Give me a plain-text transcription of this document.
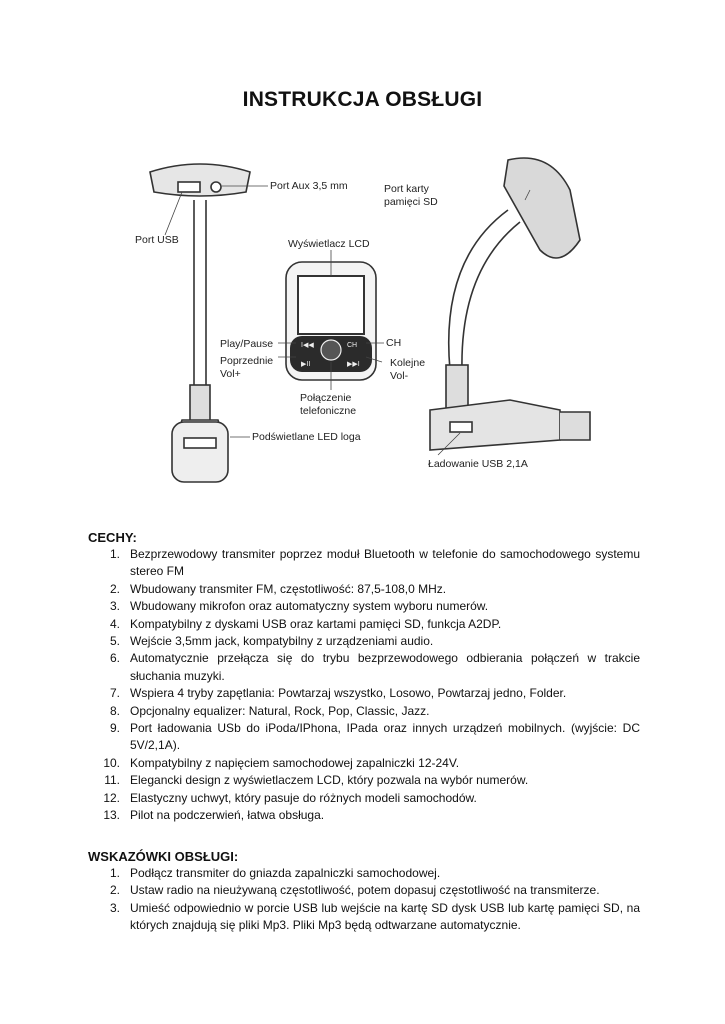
INSTRUKCJA OBSŁUGI
I◀◀	CH
▶II	▶▶I
Port Aux 3,5 mm
Port USB
Port karty
pamięci SD
Wyświetlacz LCD
Play/Pause	CH
Poprzednie
Vol+
Kolejne
Vol-
Połączenie
telefoniczne
Podświetlane LED loga
Ładowanie USB 2,1A
CECHY:
1. Bezprzewodowy transmiter poprzez moduł Bluetooth w telefonie do samochodowego systemu stereo FM
2. Wbudowany transmiter FM, częstotliwość: 87,5-108,0 MHz.
3. Wbudowany mikrofon oraz automatyczny system wyboru numerów.
4. Kompatybilny z dyskami USB oraz kartami pamięci SD, funkcja A2DP.
5. Wejście 3,5mm jack, kompatybilny z urządzeniami audio.
6. Automatycznie przełącza się do trybu bezprzewodowego odbierania połączeń w trakcie słuchania muzyki.
7. Wspiera 4 tryby zapętlania: Powtarzaj wszystko, Losowo, Powtarzaj jedno, Folder.
8. Opcjonalny equalizer: Natural, Rock, Pop, Classic, Jazz.
9. Port ładowania USb do iPoda/IPhona, IPada oraz innych urządzeń mobilnych. (wyjście: DC 5V/2,1A).
10. Kompatybilny z napięciem samochodowej zapalniczki 12-24V.
11. Elegancki design z wyświetlaczem LCD, który pozwala na wybór numerów.
12. Elastyczny uchwyt, który pasuje do różnych modeli samochodów.
13. Pilot na podczerwień, łatwa obsługa.
WSKAZÓWKI OBSŁUGI:
1. Podłącz transmiter do gniazda zapalniczki samochodowej.
2. Ustaw radio na nieużywaną częstotliwość, potem dopasuj częstotliwość na transmiterze.
3. Umieść odpowiednio w porcie USB lub wejście na kartę SD dysk USB lub kartę pamięci SD, na których znajdują się pliki Mp3. Pliki Mp3 będą odtwarzane automatycznie.
